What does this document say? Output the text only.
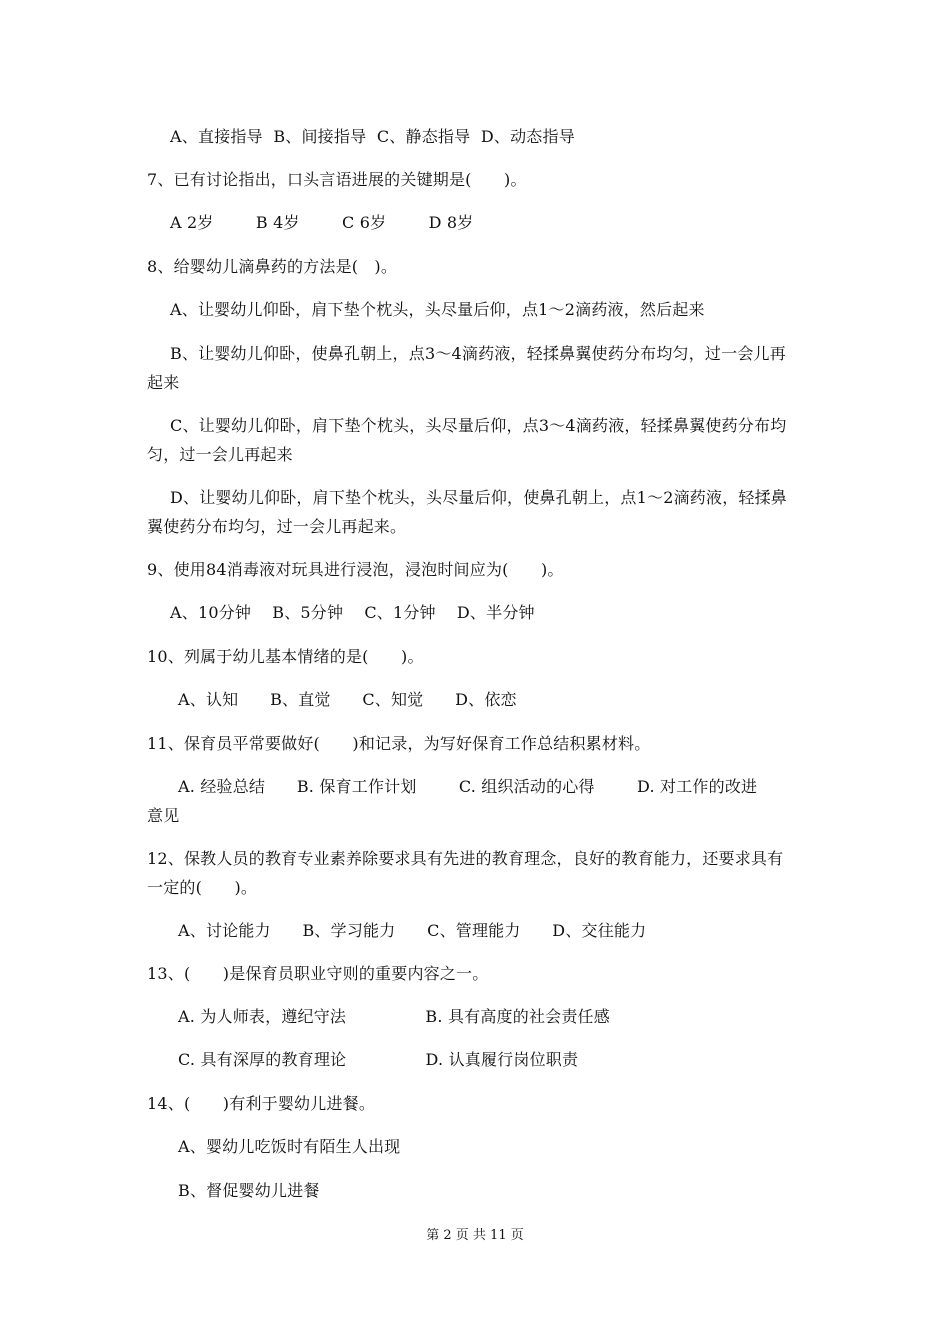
A、直接指导  B、间接指导  C、静态指导  D、动态指导

7、已有讨论指出，口头言语进展的关键期是(　　)。

A 2岁        B 4岁        C 6岁        D 8岁

8、给婴幼儿滴鼻药的方法是(　)。

A、让婴幼儿仰卧，肩下垫个枕头，头尽量后仰，点1～2滴药液，然后起来

B、让婴幼儿仰卧，使鼻孔朝上，点3～4滴药液，轻揉鼻翼使药分布均匀，过一会儿再

起来

C、让婴幼儿仰卧，肩下垫个枕头，头尽量后仰，点3～4滴药液，轻揉鼻翼使药分布均

匀，过一会儿再起来

D、让婴幼儿仰卧，肩下垫个枕头，头尽量后仰，使鼻孔朝上，点1～2滴药液，轻揉鼻

翼使药分布均匀，过一会儿再起来。

9、使用84消毒液对玩具进行浸泡，浸泡时间应为(　　)。

A、10分钟    B、5分钟    C、1分钟    D、半分钟

10、列属于幼儿基本情绪的是(　　)。

A、认知      B、直觉      C、知觉      D、依恋

11、保育员平常要做好(　　)和记录，为写好保育工作总结积累材料。

A. 经验总结      B. 保育工作计划        C. 组织活动的心得        D. 对工作的改进

意见

12、保教人员的教育专业素养除要求具有先进的教育理念，良好的教育能力，还要求具有

一定的(　　)。

A、讨论能力      B、学习能力      C、管理能力      D、交往能力

13、(　　)是保育员职业守则的重要内容之一。

A. 为人师表，遵纪守法               B. 具有高度的社会责任感

C. 具有深厚的教育理论               D. 认真履行岗位职责

14、(　　)有利于婴幼儿进餐。

A、婴幼儿吃饭时有陌生人出现

B、督促婴幼儿进餐

第 2 页 共 11 页
